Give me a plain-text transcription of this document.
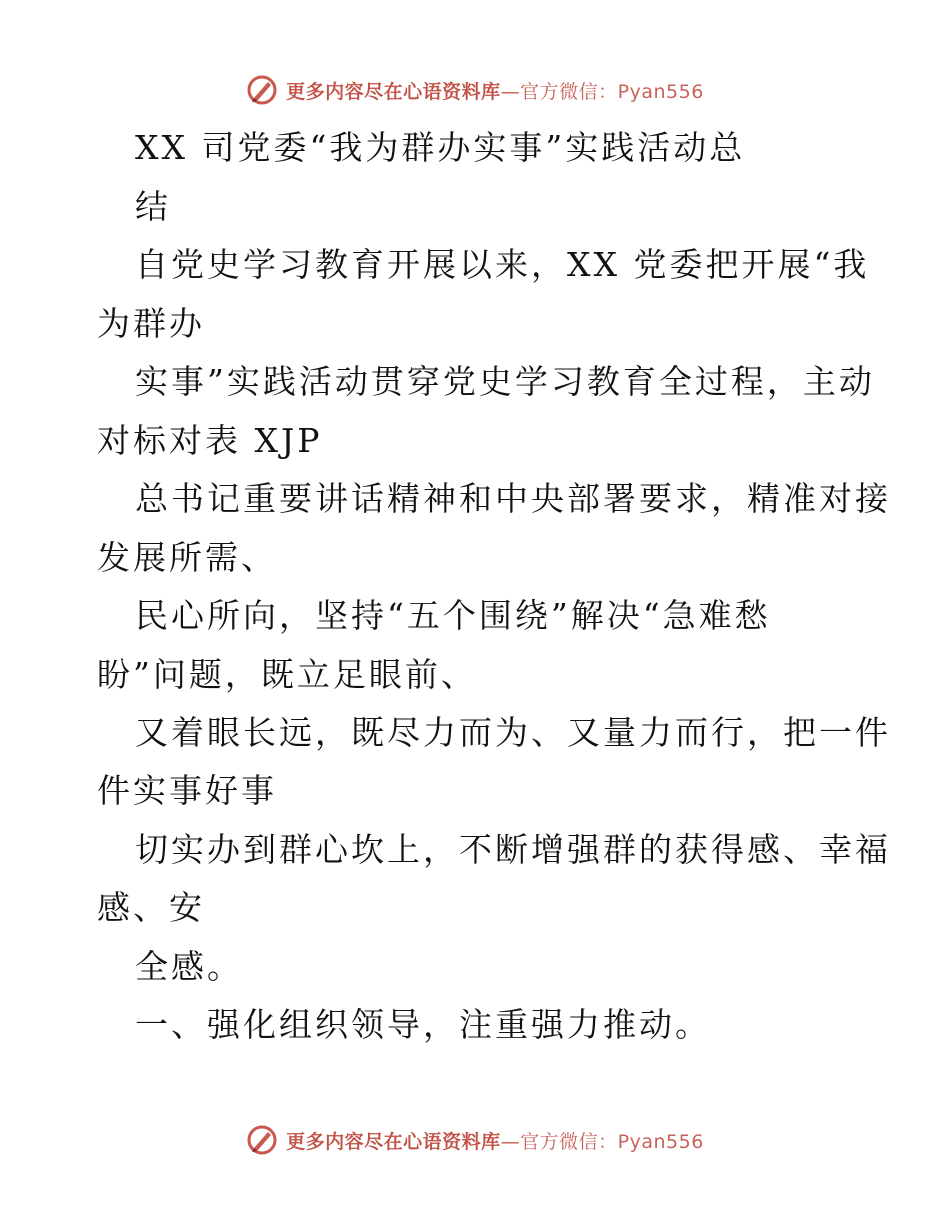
更多内容尽在心语资料库—官方微信：Pyan556
XX 司党委“我为群办实事”实践活动总
结
自党史学习教育开展以来，XX 党委把开展“我
为群办
实事”实践活动贯穿党史学习教育全过程，主动
对标对表 XJP
总书记重要讲话精神和中央部署要求，精准对接
发展所需、
民心所向，坚持“五个围绕”解决“急难愁
盼”问题，既立足眼前、
又着眼长远，既尽力而为、又量力而行，把一件
件实事好事
切实办到群心坎上，不断增强群的获得感、幸福
感、安
全感。
一、强化组织领导，注重强力推动。
更多内容尽在心语资料库—官方微信：Pyan556
